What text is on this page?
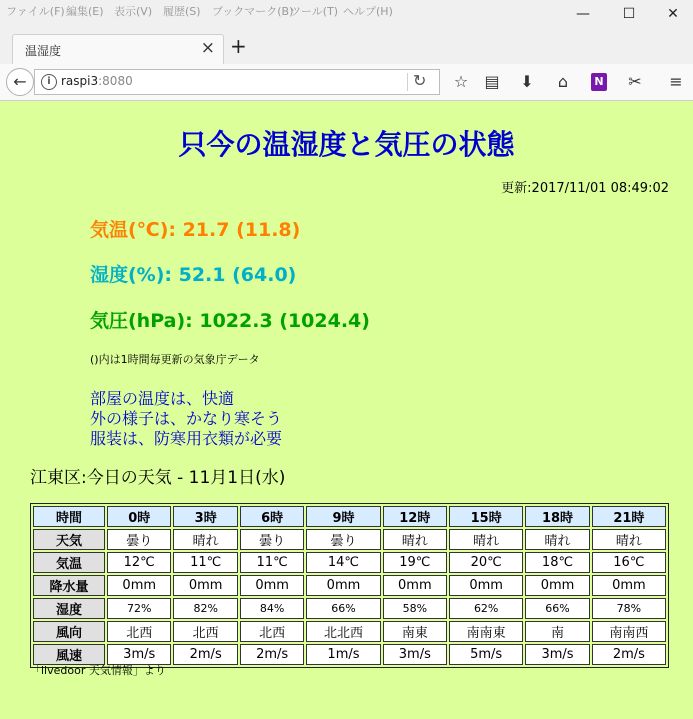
ファイル(F) 編集(E) 表示(V) 履歴(S) ブックマーク(B)
ツール(T) ヘルプ(H)	—	☐	✕
温湿度	× +
←	i raspi3:8080	↻ ☆ ▤ ⬇	⌂	N ✂ ≡
只今の温湿度と気圧の状態
更新:2017/11/01 08:49:02
気温(℃): 21.7 (11.8)
湿度(%): 52.1 (64.0)
気圧(hPa): 1022.3 (1024.4)
()内は1時間毎更新の気象庁データ
部屋の温度は、快適
外の様子は、かなり寒そう
服装は、防寒用衣類が必要
江東区:今日の天気 - 11月1日(水)
時間	0時	3時	6時	9時	12時	15時	18時	21時
天気	曇り	晴れ	曇り	曇り	晴れ	晴れ	晴れ	晴れ
気温	12℃	11℃	11℃	14℃	19℃	20℃	18℃	16℃
降水量	0mm	0mm	0mm	0mm	0mm	0mm	0mm	0mm
湿度	72%	82%	84%	66%	58%	62%	66%	78%
風向	北西	北西	北西	北北西	南東	南南東	南	南南西
風速	3m/s	2m/s	2m/s	1m/s	3m/s	5m/s	3m/s	2m/s
「livedoor 天気情報」より
